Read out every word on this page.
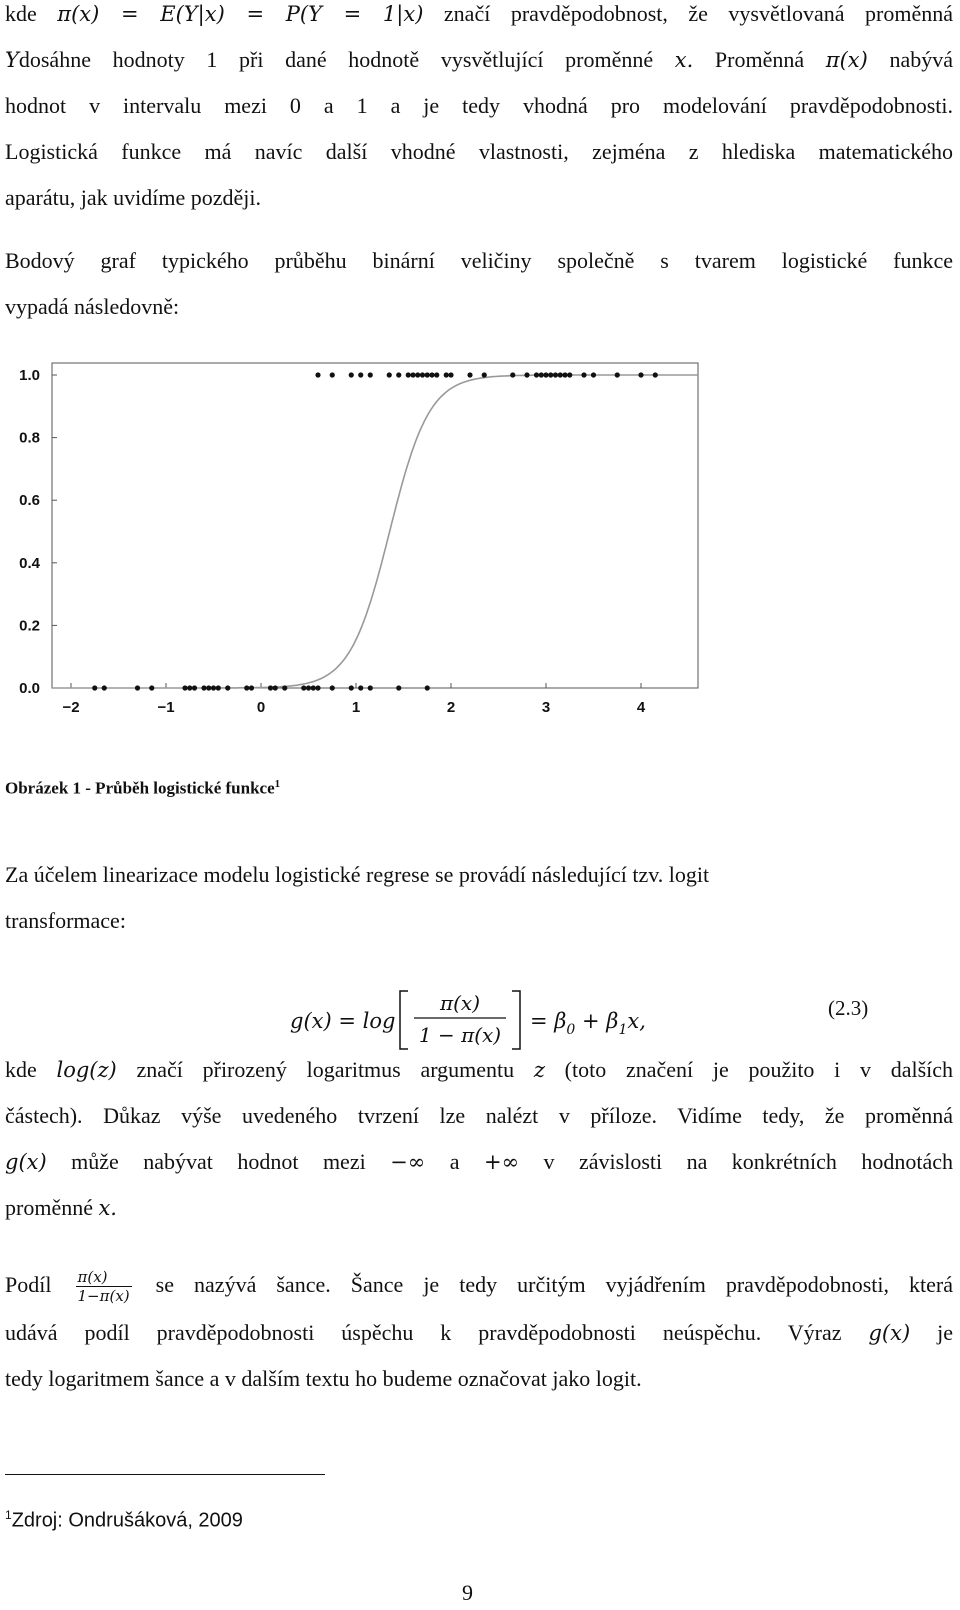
kde π(x) = E(Y|x) = P(Y = 1|x) značí pravděpodobnost, že vysvětlovaná proměnná
Ydosáhne hodnoty 1 při dané hodnotě vysvětlující proměnné x. Proměnná π(x) nabývá
hodnot v intervalu mezi 0 a 1 a je tedy vhodná pro modelování pravděpodobnosti.
Logistická funkce má navíc další vhodné vlastnosti, zejména z hlediska matematického
aparátu, jak uvidíme později.
Bodový graf typického průběhu binární veličiny společně s tvarem logistické funkce
vypadá následovně:
0.0
0.2
0.4
0.6
0.8
1.0
−2	−1	0	1	2	3	4
Obrázek 1 - Průběh logistické funkce$^1$
Za účelem linearizace modelu logistické regrese se provádí následující tzv. logit
transformace:
g(x) = log
π(x)
1 − π(x)
= $\beta_0 + \beta_1x$,
(2.3)
kde log(z) značí přirozený logaritmus argumentu z (toto značení je použito i v dalších
částech). Důkaz výše uvedeného tvrzení lze nalézt v příloze. Vidíme tedy, že proměnná
g(x) může nabývat hodnot mezi −∞ a +∞ v závislosti na konkrétních hodnotách
proměnné x.
Podíl $\frac{\pi(x)}{1-\pi(x)}$ se nazývá šance. Šance je tedy určitým vyjádřením pravděpodobnosti, která
udává podíl pravděpodobnosti úspěchu k pravděpodobnosti neúspěchu. Výraz g(x) je
tedy logaritmem šance a v dalším textu ho budeme označovat jako logit.
$^1$Zdroj: Ondrušáková, 2009
9
